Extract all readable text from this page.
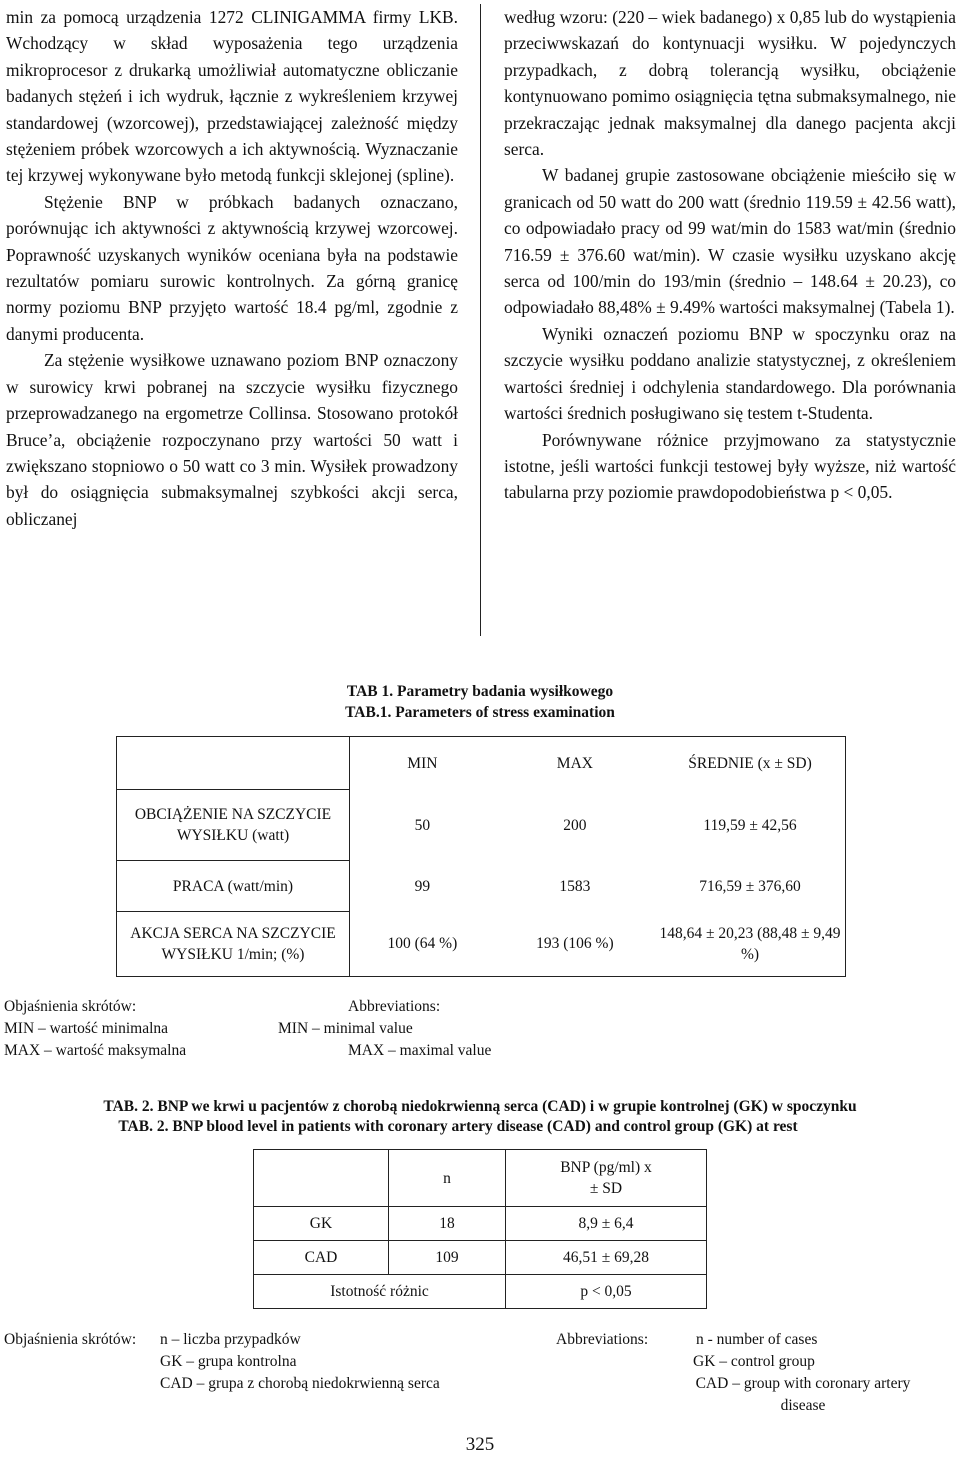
min za pomocą urządzenia 1272 CLINIGAMMA firmy LKB. Wchodzący w skład wyposażenia tego urządzenia mikroprocesor z drukarką umożliwiał automatyczne obliczanie badanych stężeń i ich wydruk, łącznie z wykreśleniem krzywej standardowej (wzorcowej), przedstawiającej zależność między stężeniem próbek wzorcowych a ich aktywnością. Wyznaczanie tej krzywej wykonywane było metodą funkcji sklejonej (spline).

Stężenie BNP w próbkach badanych oznaczano, porównując ich aktywności z aktywnością krzywej wzorcowej. Poprawność uzyskanych wyników oceniana była na podstawie rezultatów pomiaru surowic kontrolnych. Za górną granicę normy poziomu BNP przyjęto wartość 18.4 pg/ml, zgodnie z danymi producenta.

Za stężenie wysiłkowe uznawano poziom BNP oznaczony w surowicy krwi pobranej na szczycie wysiłku fizycznego przeprowadzanego na ergometrze Collinsa. Stosowano protokół Bruce’a, obciążenie rozpoczynano przy wartości 50 watt i zwiększano stopniowo o 50 watt co 3 min. Wysiłek prowadzony był do osiągnięcia submaksymalnej szybkości akcji serca, obliczanej

według wzoru: (220 – wiek badanego) x 0,85 lub do wystąpienia przeciwwskazań do kontynuacji wysiłku. W pojedynczych przypadkach, z dobrą tolerancją wysiłku, obciążenie kontynuowano pomimo osiągnięcia tętna submaksymalnego, nie przekraczając jednak maksymalnej dla danego pacjenta akcji serca.

W badanej grupie zastosowane obciążenie mieściło się w granicach od 50 watt do 200 watt (średnio 119.59 ± 42.56 watt), co odpowiadało pracy od 99 wat/min do 1583 wat/min (średnio 716.59 ± 376.60 wat/min). W czasie wysiłku uzyskano akcję serca od 100/min do 193/min (średnio – 148.64 ± 20.23), co odpowiadało 88,48% ± 9.49% wartości maksymalnej (Tabela 1).

Wyniki oznaczeń poziomu BNP w spoczynku oraz na szczycie wysiłku poddano analizie statystycznej, z określeniem wartości średniej i odchylenia standardowego. Dla porównania wartości średnich posługiwano się testem t-Studenta.

Porównywane różnice przyjmowano za statystycznie istotne, jeśli wartości funkcji testowej były wyższe, niż wartość tabularna przy poziomie prawdopodobieństwa p < 0,05.

TAB 1. Parametry badania wysiłkowego
TAB.1. Parameters of stress examination
	MIN	MAX	ŚREDNIE (x ± SD)
OBCIĄŻENIE NA SZCZYCIE WYSIŁKU (watt)	50	200	119,59 ± 42,56
PRACA (watt/min)	99	1583	716,59 ± 376,60
AKCJA SERCA NA SZCZYCIE WYSIŁKU 1/min; (%)	100 (64 %)	193 (106 %)	148,64 ± 20,23 (88,48 ± 9,49 %)
Objaśnienia skrótów:
MIN – wartość minimalna
MAX – wartość maksymalna
Abbreviations:
MIN – minimal value
MAX – maximal value
TAB. 2. BNP we krwi u pacjentów z chorobą niedokrwienną serca (CAD) i w grupie kontrolnej (GK) w spoczynku
TAB. 2. BNP blood level in patients with coronary artery disease (CAD) and control group (GK) at rest
	n	BNP (pg/ml) x ± SD
GK	18	8,9 ± 6,4
CAD	109	46,51 ± 69,28
Istotność różnic		p < 0,05
Objaśnienia skrótów: n – liczba przypadków
GK – grupa kontrolna
CAD – grupa z chorobą niedokrwienną serca
Abbreviations:	n - number of cases
GK – control group
CAD – group with coronary artery disease
325
